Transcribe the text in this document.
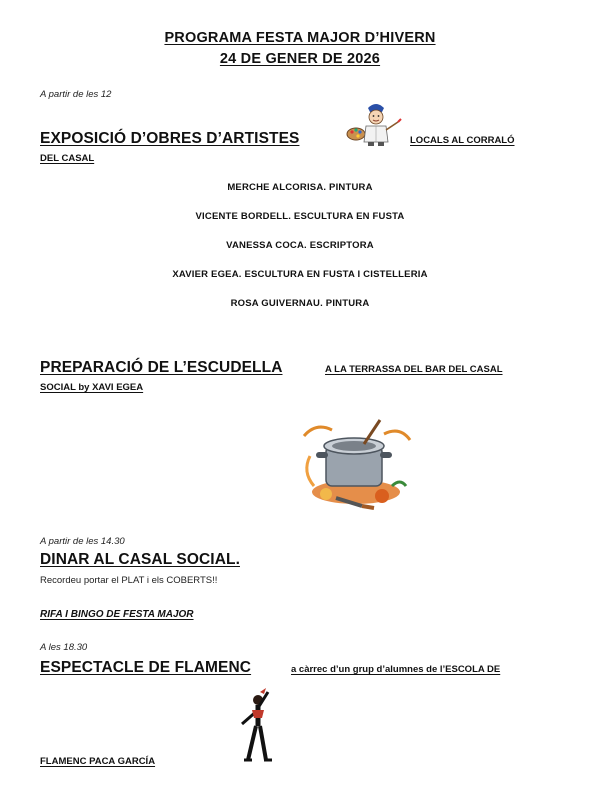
PROGRAMA FESTA MAJOR D’HIVERN
24 DE GENER DE 2026
A partir de les 12
EXPOSICIÓ D’OBRES D’ARTISTES	LOCALS AL CORRALÓ
DEL CASAL
MERCHE ALCORISA. PINTURA
VICENTE BORDELL. ESCULTURA EN FUSTA
VANESSA COCA. ESCRIPTORA
XAVIER EGEA. ESCULTURA EN FUSTA I CISTELLERIA
ROSA GUIVERNAU. PINTURA
PREPARACIÓ DE L’ESCUDELLA	A LA TERRASSA DEL BAR DEL CASAL
SOCIAL by XAVI EGEA
A partir de les 14.30
DINAR AL CASAL SOCIAL.
Recordeu portar el PLAT i els COBERTS!!
RIFA I BINGO DE FESTA MAJOR
A les 18.30
ESPECTACLE DE FLAMENC	a càrrec d’un grup d’alumnes de l’ESCOLA DE
FLAMENC PACA GARCÍA
